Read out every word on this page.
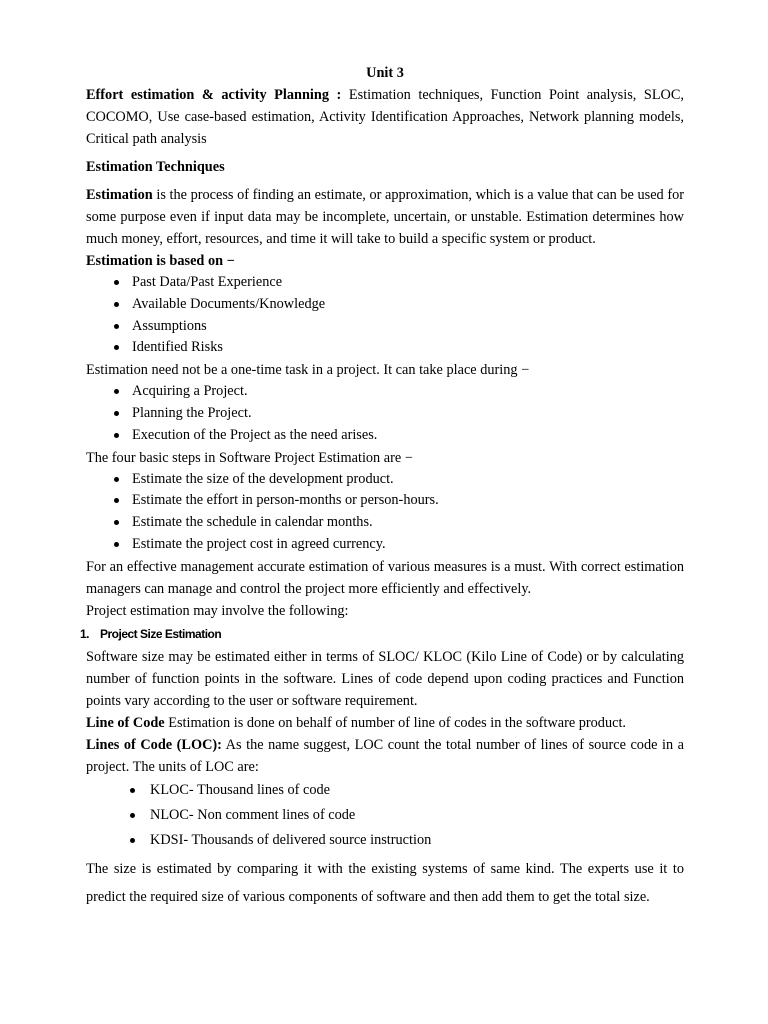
Unit 3

Effort estimation & activity Planning : Estimation techniques, Function Point analysis, SLOC, COCOMO, Use case-based estimation, Activity Identification Approaches, Network planning models, Critical path analysis

Estimation Techniques

Estimation is the process of finding an estimate, or approximation, which is a value that can be used for some purpose even if input data may be incomplete, uncertain, or unstable. Estimation determines how much money, effort, resources, and time it will take to build a specific system or product.

Estimation is based on −

Past Data/Past Experience
Available Documents/Knowledge
Assumptions
Identified Risks

Estimation need not be a one-time task in a project. It can take place during −

Acquiring a Project.
Planning the Project.
Execution of the Project as the need arises.

The four basic steps in Software Project Estimation are −

Estimate the size of the development product.
Estimate the effort in person-months or person-hours.
Estimate the schedule in calendar months.
Estimate the project cost in agreed currency.

For an effective management accurate estimation of various measures is a must. With correct estimation managers can manage and control the project more efficiently and effectively.

Project estimation may involve the following:

1. Project Size Estimation

Software size may be estimated either in terms of SLOC/ KLOC (Kilo Line of Code) or by calculating number of function points in the software. Lines of code depend upon coding practices and Function points vary according to the user or software requirement.

Line of Code Estimation is done on behalf of number of line of codes in the software product.

Lines of Code (LOC): As the name suggest, LOC count the total number of lines of source code in a project. The units of LOC are:

KLOC- Thousand lines of code
NLOC- Non comment lines of code
KDSI- Thousands of delivered source instruction

The size is estimated by comparing it with the existing systems of same kind. The experts use it to predict the required size of various components of software and then add them to get the total size.
